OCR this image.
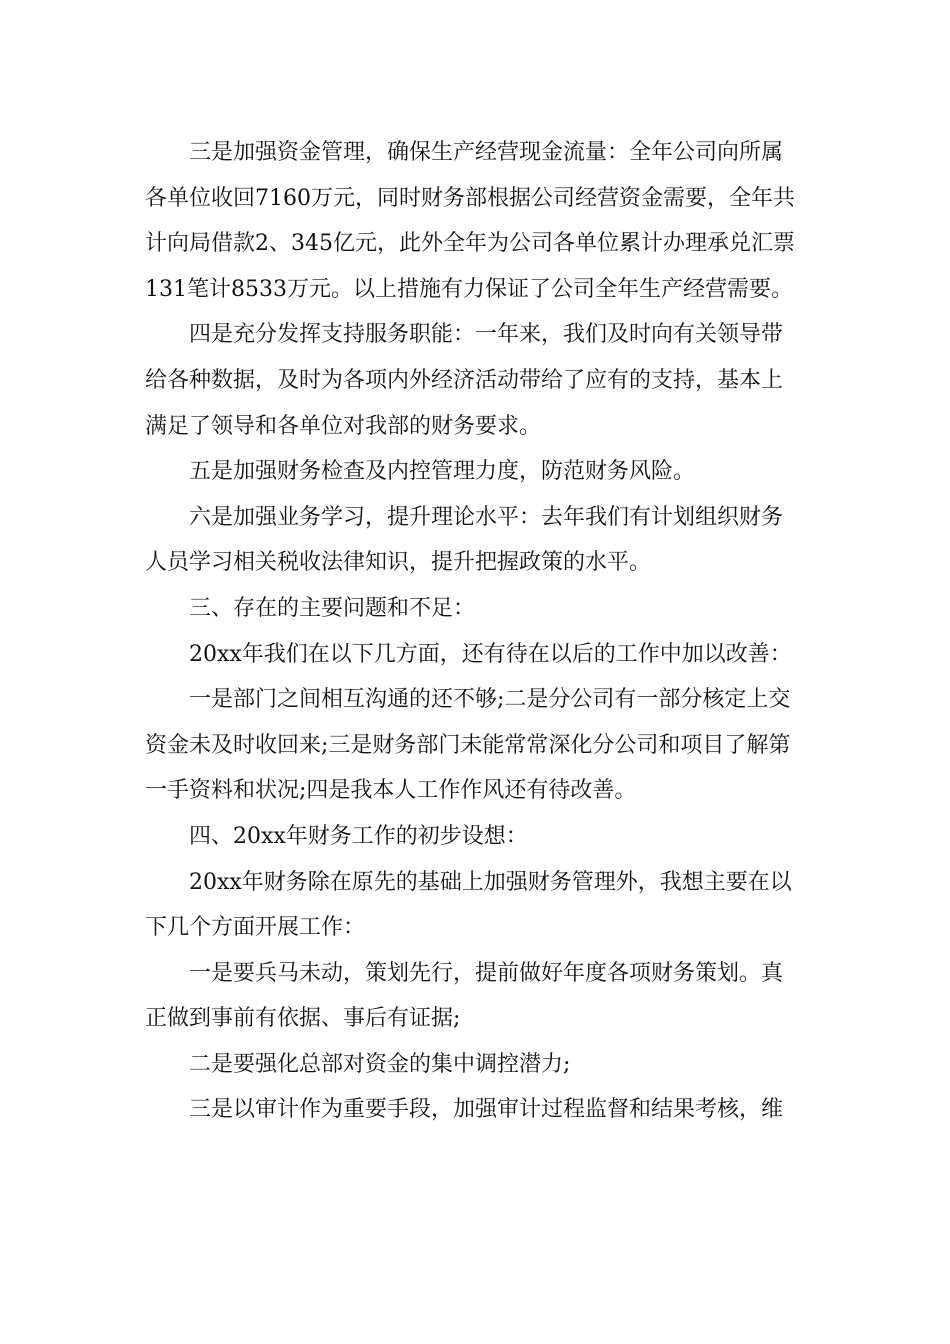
三是加强资金管理，确保生产经营现金流量：全年公司向所属
各单位收回7160万元，同时财务部根据公司经营资金需要，全年共
计向局借款2、345亿元，此外全年为公司各单位累计办理承兑汇票
131笔计8533万元。以上措施有力保证了公司全年生产经营需要。
四是充分发挥支持服务职能：一年来，我们及时向有关领导带
给各种数据，及时为各项内外经济活动带给了应有的支持，基本上
满足了领导和各单位对我部的财务要求。
五是加强财务检查及内控管理力度，防范财务风险。
六是加强业务学习，提升理论水平：去年我们有计划组织财务
人员学习相关税收法律知识，提升把握政策的水平。
三、存在的主要问题和不足：
20xx年我们在以下几方面，还有待在以后的工作中加以改善：
一是部门之间相互沟通的还不够;二是分公司有一部分核定上交
资金未及时收回来;三是财务部门未能常常深化分公司和项目了解第
一手资料和状况;四是我本人工作作风还有待改善。
四、20xx年财务工作的初步设想：
20xx年财务除在原先的基础上加强财务管理外，我想主要在以
下几个方面开展工作：
一是要兵马未动，策划先行，提前做好年度各项财务策划。真
正做到事前有依据、事后有证据;
二是要强化总部对资金的集中调控潜力;
三是以审计作为重要手段，加强审计过程监督和结果考核，维
